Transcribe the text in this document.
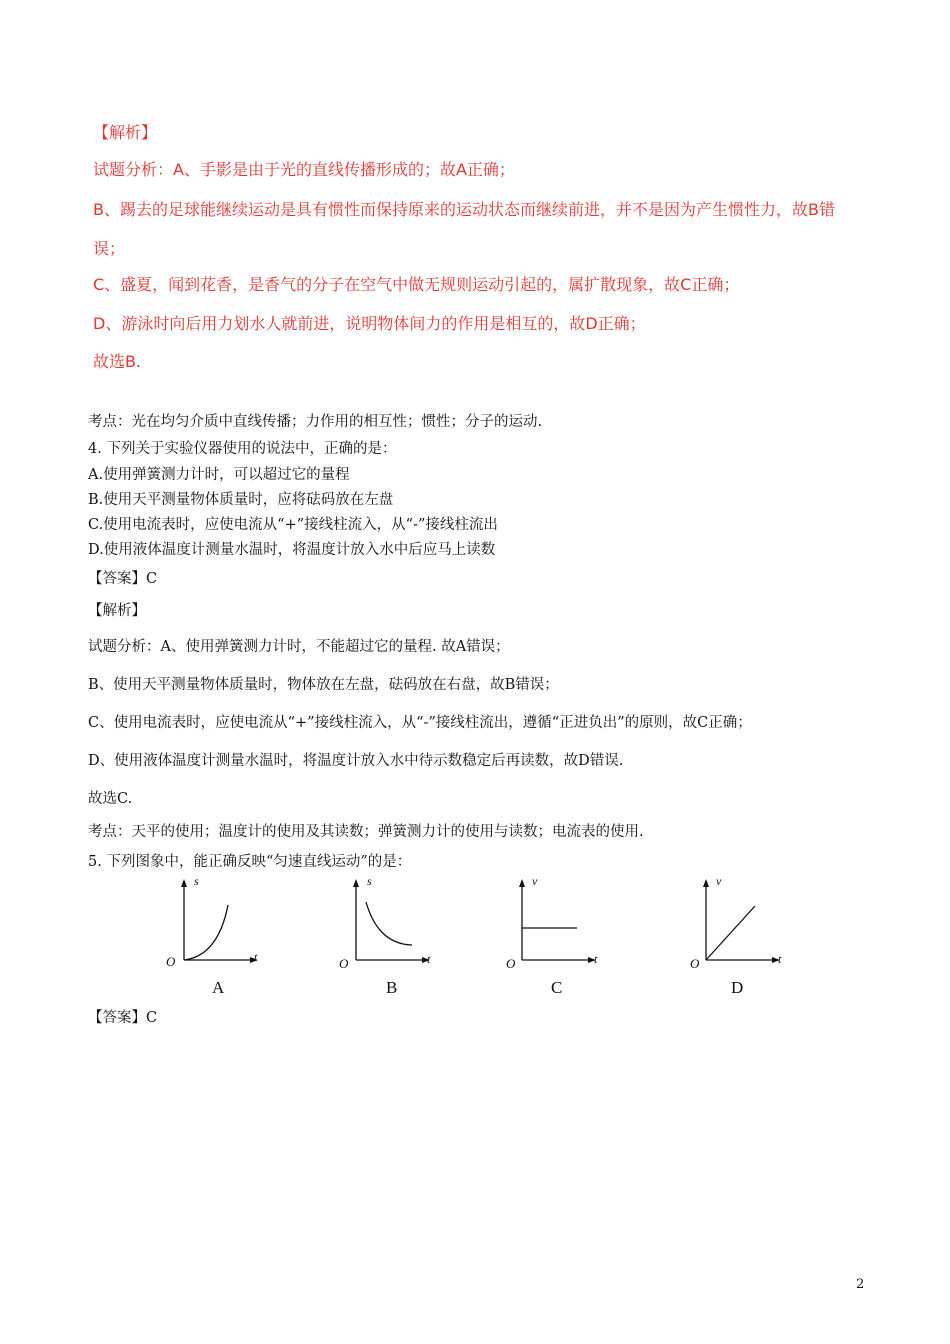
【解析】
试题分析：A、手影是由于光的直线传播形成的；故A正确；
B、踢去的足球能继续运动是具有惯性而保持原来的运动状态而继续前进，并不是因为产生惯性力，故B错
误；
C、盛夏，闻到花香，是香气的分子在空气中做无规则运动引起的，属扩散现象，故C正确；
D、游泳时向后用力划水人就前进，说明物体间力的作用是相互的，故D正确；
故选B.
考点：光在均匀介质中直线传播；力作用的相互性；惯性；分子的运动.
4. 下列关于实验仪器使用的说法中，正确的是：
A.使用弹簧测力计时，可以超过它的量程
B.使用天平测量物体质量时，应将砝码放在左盘
C.使用电流表时，应使电流从“+”接线柱流入，从“-”接线柱流出
D.使用液体温度计测量水温时，将温度计放入水中后应马上读数
【答案】C
【解析】
试题分析：A、使用弹簧测力计时，不能超过它的量程. 故A错误；
B、使用天平测量物体质量时，物体放在左盘，砝码放在右盘，故B错误；
C、使用电流表时，应使电流从“+”接线柱流入，从“-”接线柱流出，遵循“正进负出”的原则，故C正确；
D、使用液体温度计测量水温时，将温度计放入水中待示数稳定后再读数，故D错误.
故选C.
考点：天平的使用；温度计的使用及其读数；弹簧测力计的使用与读数；电流表的使用.
5. 下列图象中，能正确反映“匀速直线运动”的是：
s
t
O
A
s
t
O
B
v
t
O
C
v
t
O
D
【答案】C
2
